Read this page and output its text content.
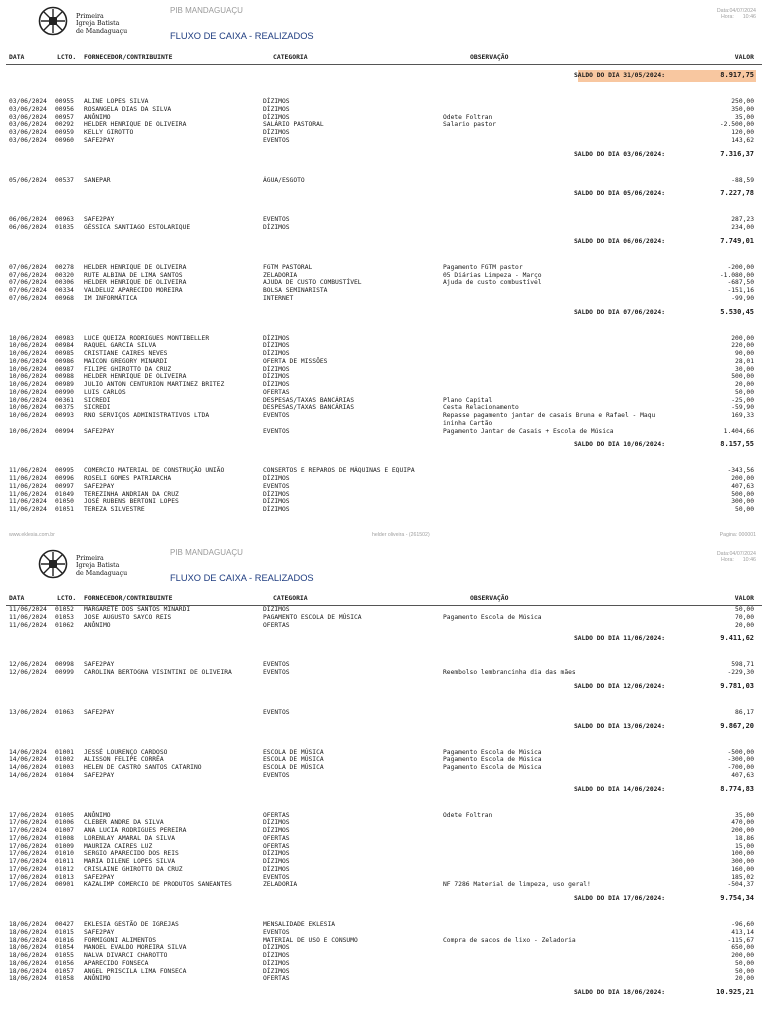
Primeira
Igreja Batista
de Mandaguaçu
PIB MANDAGUAÇU
FLUXO DE CAIXA - REALIZADOS
Data:04/07/2024
Hora:      10:46
DATA	LCTO. FORNECEDOR/CONTRIBUINTE	CATEGORIA	OBSERVAÇÃO	VALOR
SALDO DO DIA 31/05/2024:	8.917,75
03/06/2024 00955 ALINE LOPES SILVA	DÍZIMOS	250,00
03/06/2024 00956 ROSANGELA DIAS DA SILVA	DÍZIMOS	350,00
03/06/2024 00957 ANÔNIMO	DÍZIMOS	Odete Foltran	35,00
03/06/2024 00292 HELDER HENRIQUE DE OLIVEIRA	SALÁRIO PASTORAL	Salario pastor	-2.500,00
03/06/2024 00959 KELLY GIROTTO	DÍZIMOS	120,00
03/06/2024 00960 SAFE2PAY	EVENTOS	143,62
SALDO DO DIA 03/06/2024:	7.316,37
05/06/2024 00537 SANEPAR	ÁGUA/ESGOTO	-88,59
SALDO DO DIA 05/06/2024:	7.227,78
06/06/2024 00963 SAFE2PAY	EVENTOS	287,23
06/06/2024 01035 GÉSSICA SANTIAGO ESTOLARIQUE	DÍZIMOS	234,00
SALDO DO DIA 06/06/2024:	7.749,01
07/06/2024 00278 HELDER HENRIQUE DE OLIVEIRA	FGTM PASTORAL	Pagamento FGTM pastor	-200,00
07/06/2024 00320 RUTE ALBINA DE LIMA SANTOS	ZELADORIA	05 Diárias Limpeza - Março	-1.080,00
07/06/2024 00306 HELDER HENRIQUE DE OLIVEIRA	AJUDA DE CUSTO COMBUSTÍVEL	Ajuda de custo combustível	-687,50
07/06/2024 00334 VALDELUZ APARECIDO MOREIRA	BOLSA SEMINARISTA	-151,16
07/06/2024 00968 IM INFORMÁTICA	INTERNET	-99,90
SALDO DO DIA 07/06/2024:	5.530,45
10/06/2024 00983 LUCE QUEIZA RODRIGUES MONTIBELLER	DÍZIMOS	200,00
10/06/2024 00984 RAQUEL GARCIA SILVA	DÍZIMOS	220,00
10/06/2024 00985 CRISTIANE CAIRES NEVES	DÍZIMOS	90,00
10/06/2024 00986 MAICON GREGORY MINARDI	OFERTA DE MISSÕES	28,01
10/06/2024 00987 FILIPE GHIROTTO DA CRUZ	DÍZIMOS	30,00
10/06/2024 00988 HELDER HENRIQUE DE OLIVEIRA	DÍZIMOS	500,00
10/06/2024 00989 JULIO ANTON CENTURION MARTINEZ BRITEZ	DÍZIMOS	20,00
10/06/2024 00990 LUIS CARLOS	OFERTAS	50,00
10/06/2024 00361 SICREDI	DESPESAS/TAXAS BANCÁRIAS	Plano Capital	-25,00
10/06/2024 00375 SICREDI	DESPESAS/TAXAS BANCÁRIAS	Cesta Relacionamento	-59,90
10/06/2024 00993 RNO SERVIÇOS ADMINISTRATIVOS LTDA	EVENTOS	Repasse pagamento jantar de casais Bruna e Rafael - Maqu	169,33
ininha Cartão
10/06/2024 00994 SAFE2PAY	EVENTOS	Pagamento Jantar de Casais + Escola de Música	1.404,66
SALDO DO DIA 10/06/2024:	8.157,55
11/06/2024 00995 COMERCIO MATERIAL DE CONSTRUÇÃO UNIÃO	CONSERTOS E REPAROS DE MÁQUINAS E EQUIPA	-343,56
11/06/2024 00996 ROSELI GOMES PATRIARCHA	DÍZIMOS	200,00
11/06/2024 00997 SAFE2PAY	EVENTOS	407,63
11/06/2024 01049 TEREZINHA ANDRIAN DA CRUZ	DÍZIMOS	500,00
11/06/2024 01050 JOSÉ RUBENS BERTONI LOPES	DÍZIMOS	300,00
11/06/2024 01051 TEREZA SILVESTRE	DÍZIMOS	50,00
www.eklesia.com.br	helder oliveira - (261502)	Pagina: 000001
Primeira
Igreja Batista
de Mandaguaçu
PIB MANDAGUAÇU
FLUXO DE CAIXA - REALIZADOS
Data:04/07/2024
Hora:      10:46
DATA	LCTO. FORNECEDOR/CONTRIBUINTE	CATEGORIA	OBSERVAÇÃO	VALOR
11/06/2024 01052 MARGARETE DOS SANTOS MINARDI	DÍZIMOS	50,00
11/06/2024 01053 JOSE AUGUSTO SAYCO REIS	PAGAMENTO ESCOLA DE MÚSICA	Pagamento Escola de Música	70,00
11/06/2024 01062 ANÔNIMO	OFERTAS	20,00
SALDO DO DIA 11/06/2024:	9.411,62
12/06/2024 00998 SAFE2PAY	EVENTOS	598,71
12/06/2024 00999 CAROLINA BERTOGNA VISINTINI DE OLIVEIRA	EVENTOS	Reembolso lembrancinha dia das mães	-229,30
SALDO DO DIA 12/06/2024:	9.781,03
13/06/2024 01063 SAFE2PAY	EVENTOS	86,17
SALDO DO DIA 13/06/2024:	9.867,20
14/06/2024 01001 JESSÉ LOURENÇO CARDOSO	ESCOLA DE MÚSICA	Pagamento Escola de Música	-500,00
14/06/2024 01002 ALISSON FELIPE CORRÊA	ESCOLA DE MÚSICA	Pagamento Escola de Música	-300,00
14/06/2024 01003 HELEN DE CASTRO SANTOS CATARINO	ESCOLA DE MÚSICA	Pagamento Escola de Música	-700,00
14/06/2024 01004 SAFE2PAY	EVENTOS	407,63
SALDO DO DIA 14/06/2024:	8.774,83
17/06/2024 01005 ANÔNIMO	OFERTAS	Odete Foltran	35,00
17/06/2024 01006 CLEBER ANDRE DA SILVA	DÍZIMOS	470,00
17/06/2024 01007 ANA LUCIA RODRIGUES PEREIRA	DÍZIMOS	200,00
17/06/2024 01008 LORENLAY AMARAL DA SILVA	OFERTAS	18,86
17/06/2024 01009 MAURIZA CAIRES LUZ	OFERTAS	15,00
17/06/2024 01010 SERGIO APARECIDO DOS REIS	DÍZIMOS	100,00
17/06/2024 01011 MARIA DILENE LOPES SILVA	DÍZIMOS	300,00
17/06/2024 01012 CRISLAINE GHIROTTO DA CRUZ	DÍZIMOS	160,00
17/06/2024 01013 SAFE2PAY	EVENTOS	185,02
17/06/2024 00901 KAZALIMP COMERCIO DE PRODUTOS SANEANTES	ZELADORIA	NF 7286 Material de limpeza, uso geral!	-504,37
SALDO DO DIA 17/06/2024:	9.754,34
18/06/2024 00427 EKLESIA GESTÃO DE IGREJAS	MENSALIDADE EKLESIA	-96,60
18/06/2024 01015 SAFE2PAY	EVENTOS	413,14
18/06/2024 01016 FORMIGONI ALIMENTOS	MATERIAL DE USO E CONSUMO	Compra de sacos de lixo - Zeladoria	-115,67
18/06/2024 01054 MANOEL EVALDO MOREIRA SILVA	DÍZIMOS	650,00
18/06/2024 01055 NALVA DIVARCI CHAROTTO	DÍZIMOS	200,00
18/06/2024 01056 APARECIDO FONSECA	DÍZIMOS	50,00
18/06/2024 01057 ANGEL PRISCILA LIMA FONSECA	DÍZIMOS	50,00
18/06/2024 01058 ANÔNIMO	OFERTAS	20,00
SALDO DO DIA 18/06/2024:	10.925,21
